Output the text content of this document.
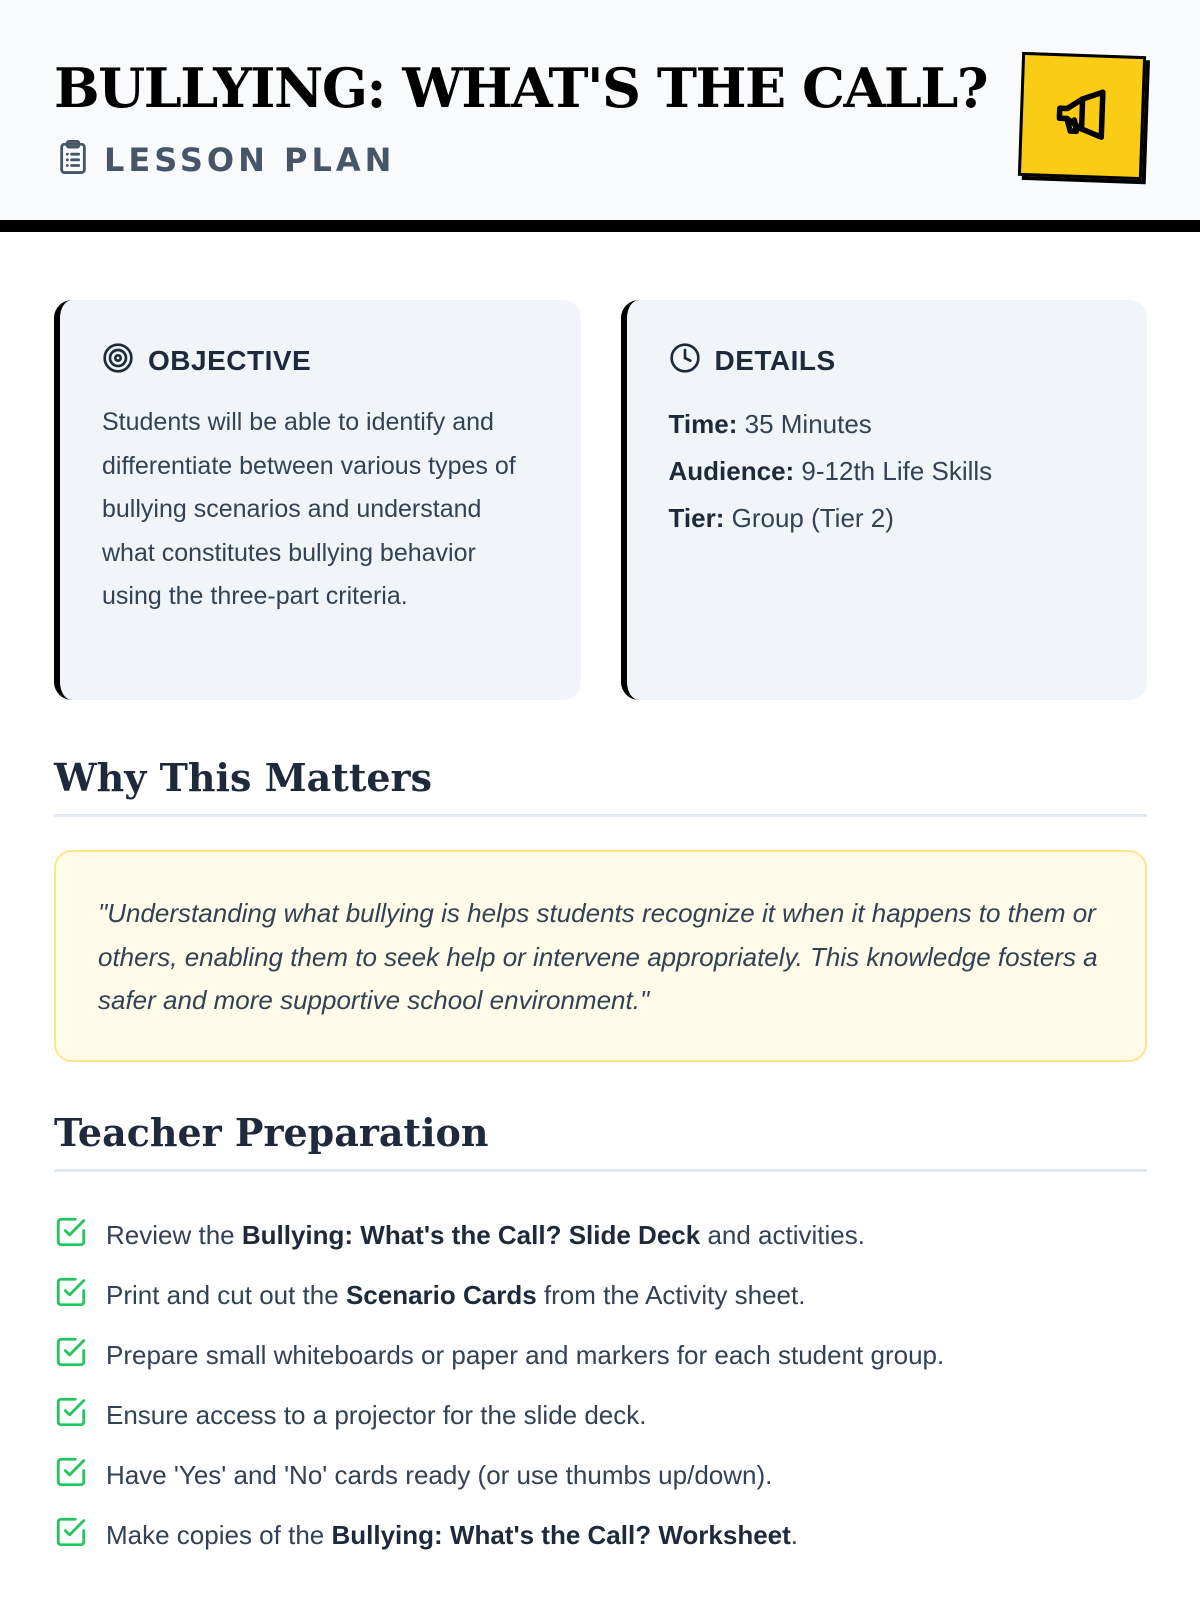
BULLYING: WHAT'S THE CALL?
LESSON PLAN
OBJECTIVE
Students will be able to identify and differentiate between various types of bullying scenarios and understand what constitutes bullying behavior using the three-part criteria.
DETAILS
Time: 35 Minutes
Audience: 9-12th Life Skills
Tier: Group (Tier 2)
Why This Matters
"Understanding what bullying is helps students recognize it when it happens to them or others, enabling them to seek help or intervene appropriately. This knowledge fosters a safer and more supportive school environment."
Teacher Preparation
Review the Bullying: What's the Call? Slide Deck and activities.
Print and cut out the Scenario Cards from the Activity sheet.
Prepare small whiteboards or paper and markers for each student group.
Ensure access to a projector for the slide deck.
Have 'Yes' and 'No' cards ready (or use thumbs up/down).
Make copies of the Bullying: What's the Call? Worksheet.
